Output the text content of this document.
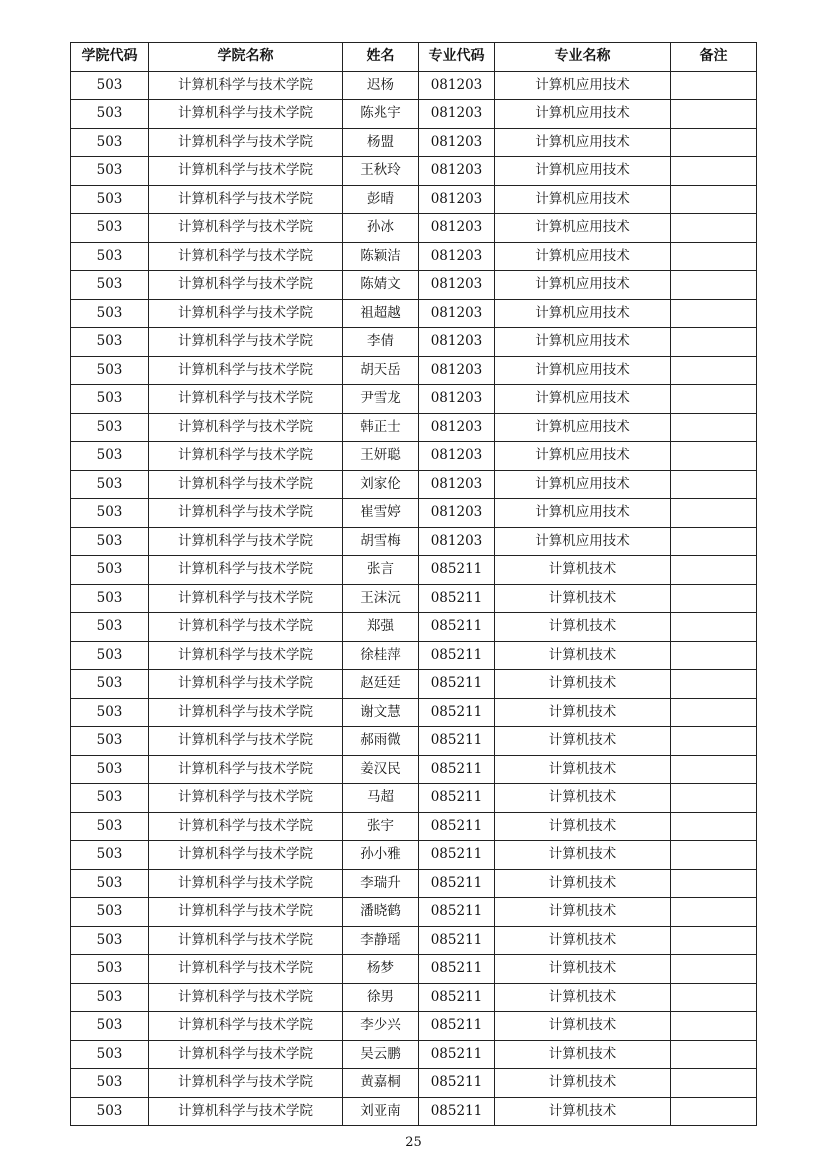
学院代码	学院名称	姓名	专业代码	专业名称	备注
503	计算机科学与技术学院	迟杨	081203	计算机应用技术	
503	计算机科学与技术学院	陈兆宇	081203	计算机应用技术	
503	计算机科学与技术学院	杨盟	081203	计算机应用技术	
503	计算机科学与技术学院	王秋玲	081203	计算机应用技术	
503	计算机科学与技术学院	彭晴	081203	计算机应用技术	
503	计算机科学与技术学院	孙冰	081203	计算机应用技术	
503	计算机科学与技术学院	陈颖洁	081203	计算机应用技术	
503	计算机科学与技术学院	陈婧文	081203	计算机应用技术	
503	计算机科学与技术学院	祖超越	081203	计算机应用技术	
503	计算机科学与技术学院	李倩	081203	计算机应用技术	
503	计算机科学与技术学院	胡天岳	081203	计算机应用技术	
503	计算机科学与技术学院	尹雪龙	081203	计算机应用技术	
503	计算机科学与技术学院	韩正士	081203	计算机应用技术	
503	计算机科学与技术学院	王妍聪	081203	计算机应用技术	
503	计算机科学与技术学院	刘家伦	081203	计算机应用技术	
503	计算机科学与技术学院	崔雪婷	081203	计算机应用技术	
503	计算机科学与技术学院	胡雪梅	081203	计算机应用技术	
503	计算机科学与技术学院	张言	085211	计算机技术	
503	计算机科学与技术学院	王沫沅	085211	计算机技术	
503	计算机科学与技术学院	郑强	085211	计算机技术	
503	计算机科学与技术学院	徐桂萍	085211	计算机技术	
503	计算机科学与技术学院	赵廷廷	085211	计算机技术	
503	计算机科学与技术学院	谢文慧	085211	计算机技术	
503	计算机科学与技术学院	郝雨微	085211	计算机技术	
503	计算机科学与技术学院	姜汉民	085211	计算机技术	
503	计算机科学与技术学院	马超	085211	计算机技术	
503	计算机科学与技术学院	张宇	085211	计算机技术	
503	计算机科学与技术学院	孙小雅	085211	计算机技术	
503	计算机科学与技术学院	李瑞升	085211	计算机技术	
503	计算机科学与技术学院	潘晓鹤	085211	计算机技术	
503	计算机科学与技术学院	李静瑶	085211	计算机技术	
503	计算机科学与技术学院	杨梦	085211	计算机技术	
503	计算机科学与技术学院	徐男	085211	计算机技术	
503	计算机科学与技术学院	李少兴	085211	计算机技术	
503	计算机科学与技术学院	吴云鹏	085211	计算机技术	
503	计算机科学与技术学院	黄嘉桐	085211	计算机技术	
503	计算机科学与技术学院	刘亚南	085211	计算机技术	
25
